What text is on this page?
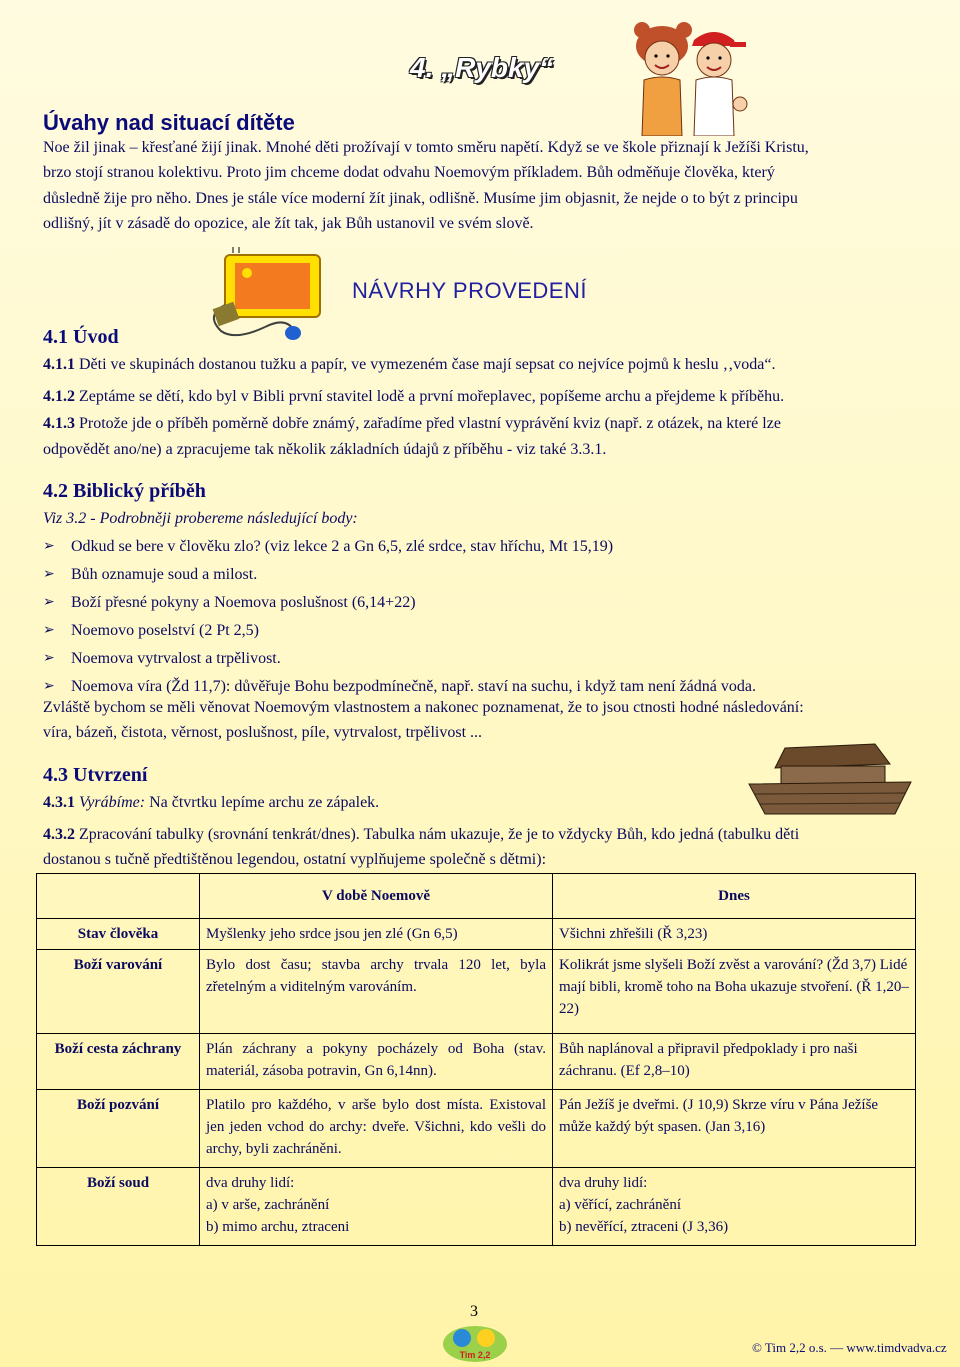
4. „Rybky“
Úvahy nad situací dítěte
Noe žil jinak – křesťané žijí jinak. Mnohé děti prožívají v tomto směru napětí. Když se ve škole přiznají k Ježíši Kristu,
brzo stojí stranou kolektivu. Proto jim chceme dodat odvahu Noemovým příkladem. Bůh odměňuje člověka, který
důsledně žije pro něho. Dnes je stále více moderní žít jinak, odlišně. Musíme jim objasnit, že nejde o to být z principu
odlišný, jít v zásadě do opozice, ale žít tak, jak Bůh ustanovil ve svém slově.
NÁVRHY PROVEDENÍ
4.1 Úvod
4.1.1 Děti ve skupinách dostanou tužku a papír, ve vymezeném čase mají sepsat co nejvíce pojmů k heslu ‚‚voda“.
4.1.2 Zeptáme se dětí, kdo byl v Bibli první stavitel lodě a první mořeplavec, popíšeme archu a přejdeme k příběhu.
4.1.3 Protože jde o příběh poměrně dobře známý, zařadíme před vlastní vyprávění kviz (např. z otázek, na které lze
odpovědět ano/ne) a zpracujeme tak několik základních údajů z příběhu - viz také 3.3.1.
4.2 Biblický příběh
Viz 3.2 - Podrobněji probereme následující body:
➢ Odkud se bere v člověku zlo? (viz lekce 2 a Gn 6,5, zlé srdce, stav hříchu, Mt 15,19)
➢ Bůh oznamuje soud a milost.
➢ Boží přesné pokyny a Noemova poslušnost (6,14+22)
➢ Noemovo poselství (2 Pt 2,5)
➢ Noemova vytrvalost a trpělivost.
➢ Noemova víra (Žd 11,7): důvěřuje Bohu bezpodmínečně, např. staví na suchu, i když tam není žádná voda.
Zvláště bychom se měli věnovat Noemovým vlastnostem a nakonec poznamenat, že to jsou ctnosti hodné následování:
víra, bázeň, čistota, věrnost, poslušnost, píle, vytrvalost, trpělivost ...
4.3 Utvrzení
4.3.1 Vyrábíme: Na čtvrtku lepíme archu ze zápalek.
4.3.2 Zpracování tabulky (srovnání tenkrát/dnes). Tabulka nám ukazuje, že je to vždycky Bůh, kdo jedná (tabulku děti
dostanou s tučně předtištěnou legendou, ostatní vyplňujeme společně s dětmi):
	V době Noemově	Dnes
Stav člověka	Myšlenky jeho srdce jsou jen zlé (Gn 6,5)	Všichni zhřešili (Ř 3,23)
Boží varování	Bylo dost času; stavba archy trvala 120 let, byla zřetelným a viditelným varováním.	Kolikrát jsme slyšeli Boží zvěst a varování? (Žd 3,7) Lidé mají bibli, kromě toho na Boha ukazuje stvoření. (Ř 1,20–22)
Boží cesta záchrany	Plán záchrany a pokyny pocházely od Boha (stav. materiál, zásoba potravin, Gn 6,14nn).	Bůh naplánoval a připravil předpoklady i pro naši záchranu. (Ef 2,8–10)
Boží pozvání	Platilo pro každého, v arše bylo dost místa. Existoval jen jeden vchod do archy: dveře. Všichni, kdo vešli do archy, byli zachráněni.	Pán Ježíš je dveřmi. (J 10,9) Skrze víru v Pána Ježíše může každý být spasen. (Jan 3,16)
Boží soud	dva druhy lidí:
a) v arše, zachránění
b) mimo archu, ztraceni	dva druhy lidí:
a) věřící, zachránění
b) nevěřící, ztraceni (J 3,36)
3
Tim 2,2	© Tim 2,2 o.s. — www.timdvadva.cz
